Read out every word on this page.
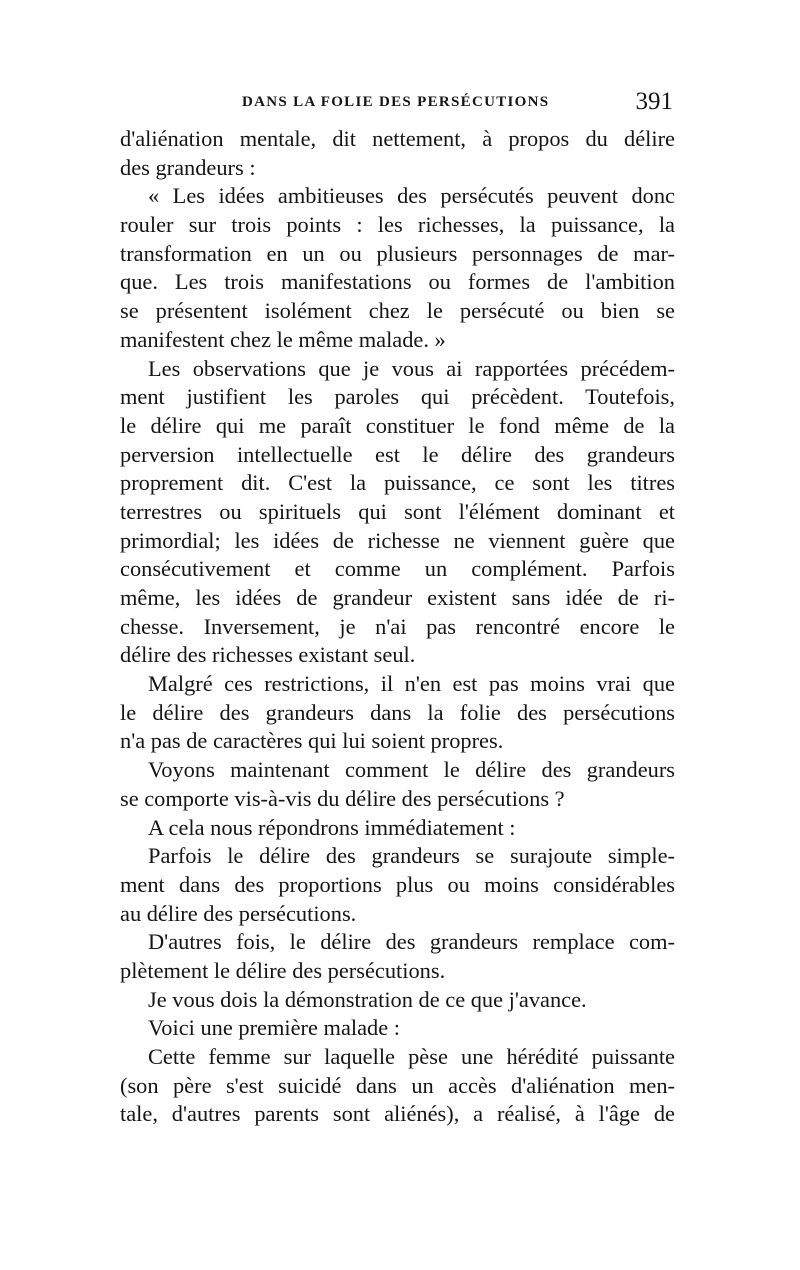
DANS LA FOLIE DES PERSÉCUTIONS	391
d'aliénation mentale, dit nettement, à propos du délire
des grandeurs :
« Les idées ambitieuses des persécutés peuvent donc
rouler sur trois points : les richesses, la puissance, la
transformation en un ou plusieurs personnages de mar-
que. Les trois manifestations ou formes de l'ambition
se présentent isolément chez le persécuté ou bien se
manifestent chez le même malade. »
Les observations que je vous ai rapportées précédem-
ment justifient les paroles qui précèdent. Toutefois,
le délire qui me paraît constituer le fond même de la
perversion intellectuelle est le délire des grandeurs
proprement dit. C'est la puissance, ce sont les titres
terrestres ou spirituels qui sont l'élément dominant et
primordial; les idées de richesse ne viennent guère que
consécutivement et comme un complément. Parfois
même, les idées de grandeur existent sans idée de ri-
chesse. Inversement, je n'ai pas rencontré encore le
délire des richesses existant seul.
Malgré ces restrictions, il n'en est pas moins vrai que
le délire des grandeurs dans la folie des persécutions
n'a pas de caractères qui lui soient propres.
Voyons maintenant comment le délire des grandeurs
se comporte vis-à-vis du délire des persécutions ?
A cela nous répondrons immédiatement :
Parfois le délire des grandeurs se surajoute simple-
ment dans des proportions plus ou moins considérables
au délire des persécutions.
D'autres fois, le délire des grandeurs remplace com-
plètement le délire des persécutions.
Je vous dois la démonstration de ce que j'avance.
Voici une première malade :
Cette femme sur laquelle pèse une hérédité puissante
(son père s'est suicidé dans un accès d'aliénation men-
tale, d'autres parents sont aliénés), a réalisé, à l'âge de
